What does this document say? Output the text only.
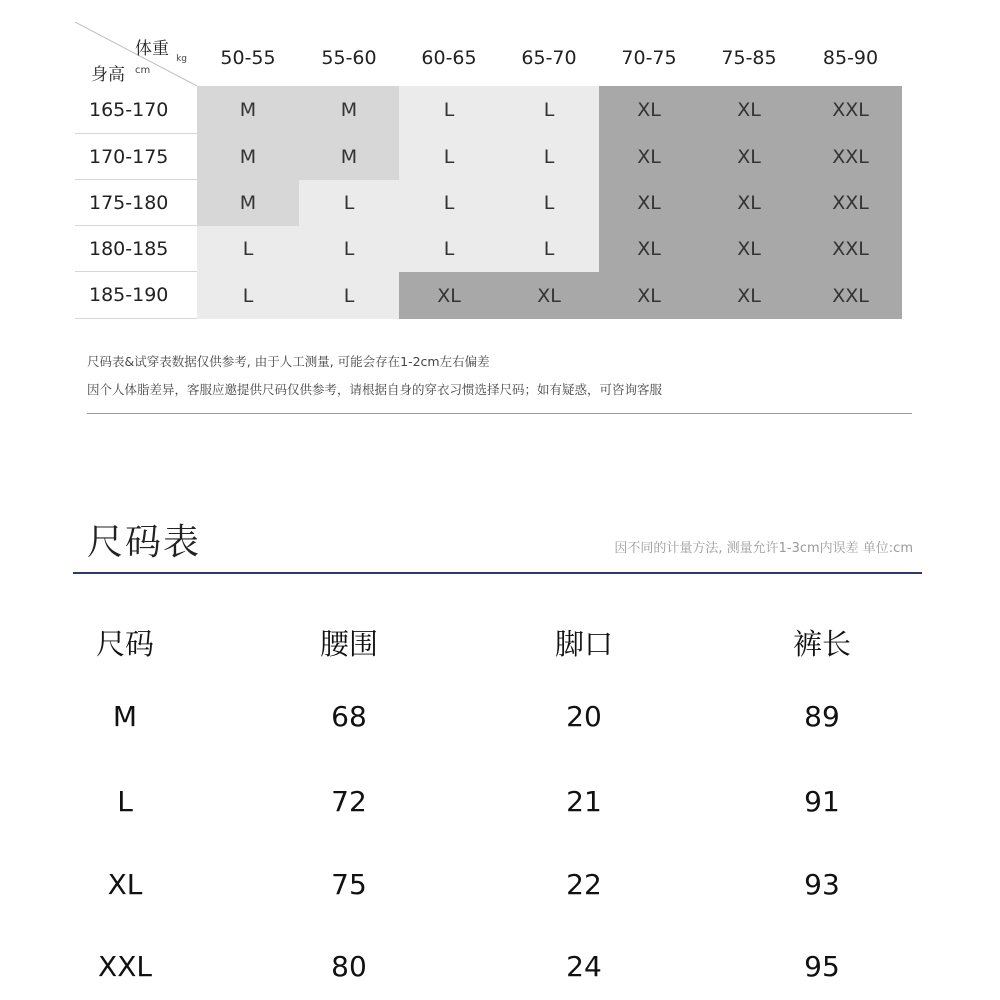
体重 kg
身高 cm
50-55	55-60	60-65	65-70	70-75	75-85	85-90
165-170	M	M	L	L	XL	XL	XXL
170-175	M	M	L	L	XL	XL	XXL
175-180	M	L	L	L	XL	XL	XXL
180-185	L	L	L	L	XL	XL	XXL
185-190	L	L	XL	XL	XL	XL	XXL
尺码表&试穿表数据仅供参考, 由于人工测量, 可能会存在1-2cm左右偏差
因个人体脂差异，客服应邀提供尺码仅供参考，请根据自身的穿衣习惯选择尺码；如有疑惑，可咨询客服
尺码表	因不同的计量方法, 测量允许1-3cm内误差 单位:cm
尺码	腰围	脚口	裤长
M	68	20	89
L	72	21	91
XL	75	22	93
XXL	80	24	95
